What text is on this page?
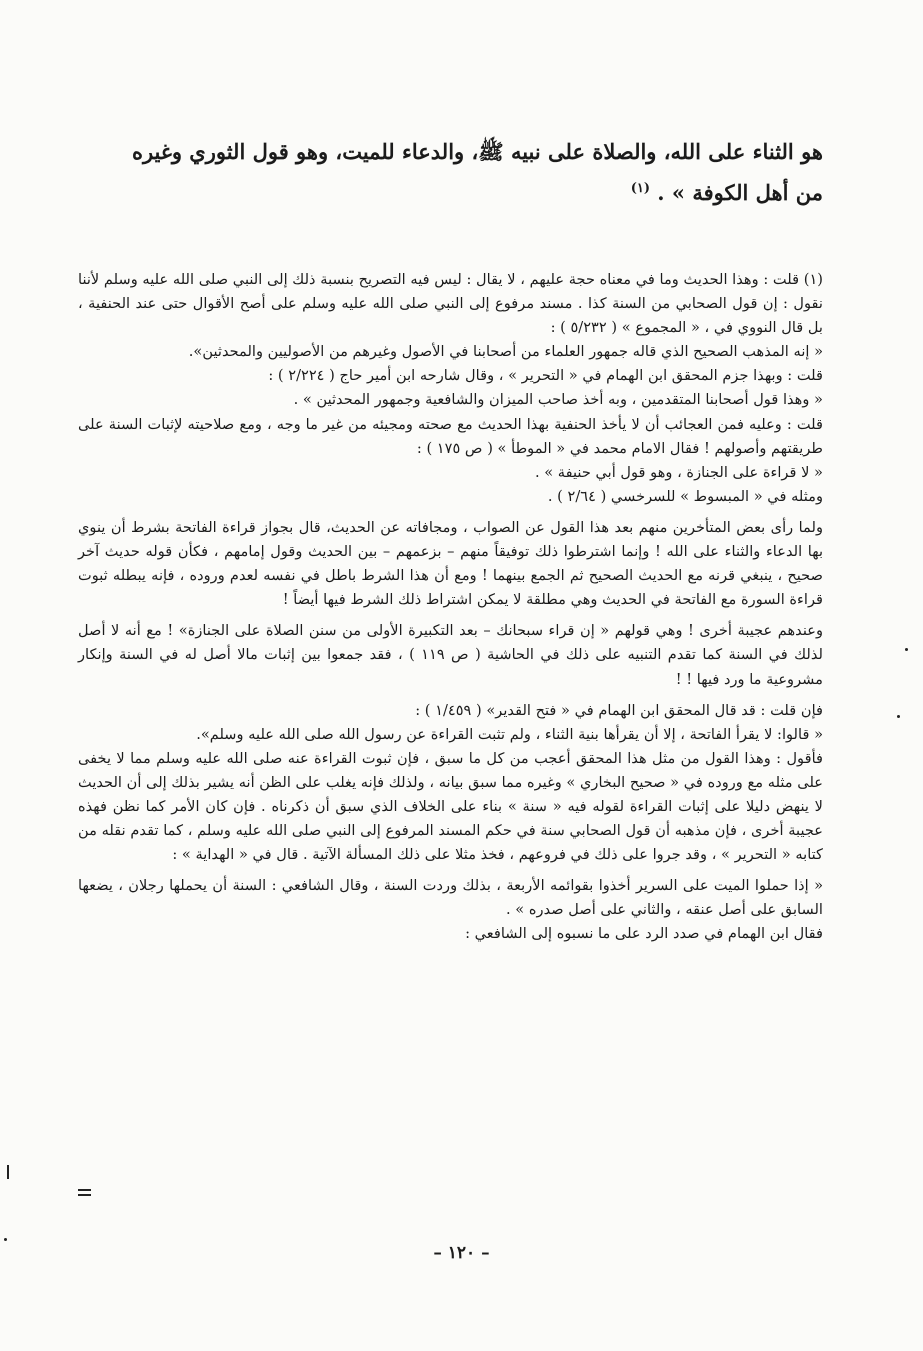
هو الثناء على الله، والصلاة على نبيه ﷺ، والدعاء للميت، وهو قول الثوري وغيره

من أهل الكوفة » . $^{(١)}$

(١) قلت : وهذا الحديث وما في معناه حجة عليهم ، لا يقال : ليس فيه التصريح بنسبة ذلك إلى النبي صلى الله عليه وسلم لأننا نقول : إن قول الصحابي من السنة كذا . مسند مرفوع إلى النبي صلى الله عليه وسلم على أصح الأقوال حتى عند الحنفية ، بل قال النووي في ، « المجموع » ( ٥/٢٣٢ ) :

« إنه المذهب الصحيح الذي قاله جمهور العلماء من أصحابنا في الأصول وغيرهم من الأصوليين والمحدثين».

قلت : وبهذا جزم المحقق ابن الهمام في « التحرير » ، وقال شارحه ابن أمير حاج ( ٢/٢٢٤ ) :

« وهذا قول أصحابنا المتقدمين ، وبه أخذ صاحب الميزان والشافعية وجمهور المحدثين » .

قلت : وعليه فمن العجائب أن لا يأخذ الحنفية بهذا الحديث مع صحته ومجيئه من غير ما وجه ، ومع صلاحيته لإثبات السنة على طريقتهم وأصولهم ! فقال الامام محمد في « الموطأ » ( ص ١٧٥ ) :

« لا قراءة على الجنازة ، وهو قول أبي حنيفة » .

ومثله في « المبسوط » للسرخسي ( ٢/٦٤ ) .

ولما رأى بعض المتأخرين منهم بعد هذا القول عن الصواب ، ومجافاته عن الحديث، قال بجواز قراءة الفاتحة بشرط أن ينوي بها الدعاء والثناء على الله ! وإنما اشترطوا ذلك توفيقاً منهم – بزعمهم – بين الحديث وقول إمامهم ، فكأن قوله حديث آخر صحيح ، ينبغي قرنه مع الحديث الصحيح ثم الجمع بينهما ! ومع أن هذا الشرط باطل في نفسه لعدم وروده ، فإنه يبطله ثبوت قراءة السورة مع الفاتحة في الحديث وهي مطلقة لا يمكن اشتراط ذلك الشرط فيها أيضاً !

وعندهم عجيبة أخرى ! وهي قولهم « إن قراء سبحانك – بعد التكبيرة الأولى من سنن الصلاة على الجنازة» ! مع أنه لا أصل لذلك في السنة كما تقدم التنبيه على ذلك في الحاشية ( ص ١١٩ ) ، فقد جمعوا بين إثبات مالا أصل له في السنة وإنكار مشروعية ما ورد فيها ! !

فإن قلت : قد قال المحقق ابن الهمام في « فتح القدير» ( ١/٤٥٩ ) :

« قالوا: لا يقرأ الفاتحة ، إلا أن يقرأها بنية الثناء ، ولم تثبت القراءة عن رسول الله صلى الله عليه وسلم».

فأقول : وهذا القول من مثل هذا المحقق أعجب من كل ما سبق ، فإن ثبوت القراءة عنه صلى الله عليه وسلم مما لا يخفى على مثله مع وروده في « صحيح البخاري » وغيره مما سبق بيانه ، ولذلك فإنه يغلب على الظن أنه يشير بذلك إلى أن الحديث لا ينهض دليلا على إثبات القراءة لقوله فيه « سنة » بناء على الخلاف الذي سبق أن ذكرناه . فإن كان الأمر كما نظن فهذه عجيبة أخرى ، فإن مذهبه أن قول الصحابي سنة في حكم المسند المرفوع إلى النبي صلى الله عليه وسلم ، كما تقدم نقله من كتابه « التحرير » ، وقد جروا على ذلك في فروعهم ، فخذ مثلا على ذلك المسألة الآتية . قال في « الهداية » :

« إذا حملوا الميت على السرير أخذوا بقوائمه الأربعة ، بذلك وردت السنة ، وقال الشافعي : السنة أن يحملها رجلان ، يضعها السابق على أصل عنقه ، والثاني على أصل صدره » .

فقال ابن الهمام في صدد الرد على ما نسبوه إلى الشافعي :

– ١٢٠ –
